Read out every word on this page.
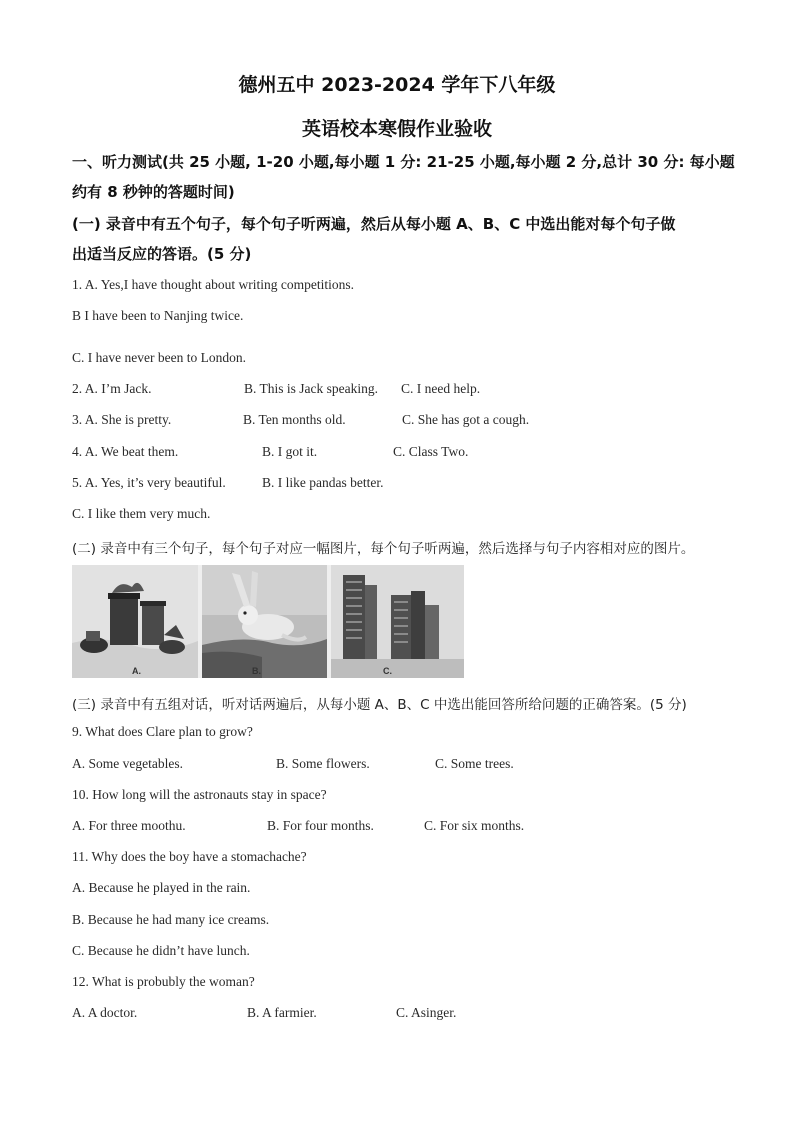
德州五中 2023-2024 学年下八年级
英语校本寒假作业验收
一、听力测试(共 25 小题, 1-20 小题,每小题 1 分: 21-25 小题,每小题 2 分,总计 30 分: 每小题
约有 8 秒钟的答题时间)
(一) 录音中有五个句子，每个句子听两遍，然后从每小题 A、B、C 中选出能对每个句子做
出适当反应的答语。(5 分)
1. A. Yes,I have thought about writing competitions.
B I have been to Nanjing twice.
C. I have never been to London.
2. A. I’m Jack.	B. This is Jack speaking. C. I need help.
3. A. She is pretty.	B. Ten months old.	C. She has got a cough.
4. A. We beat them.	B. I got it.	C. Class Two.
5. A. Yes, it’s very beautiful.	B. I like pandas better.
C. I like them very much.
(二) 录音中有三个句子，每个句子对应一幅图片，每个句子听两遍，然后选择与句子内容相对应的图片。
A.	B.	C.
(三) 录音中有五组对话，听对话两遍后，从每小题 A、B、C 中选出能回答所给问题的正确答案。(5 分)
9. What does Clare plan to grow?
A. Some vegetables.	B. Some flowers.	C. Some trees.
10. How long will the astronauts stay in space?
A. For three moothu.	B. For four months.	C. For six months.
11. Why does the boy have a stomachache?
A. Because he played in the rain.
B. Because he had many ice creams.
C. Because he didn’t have lunch.
12. What is probubly the woman?
A. A doctor.	B. A farmier.	C. Asinger.
